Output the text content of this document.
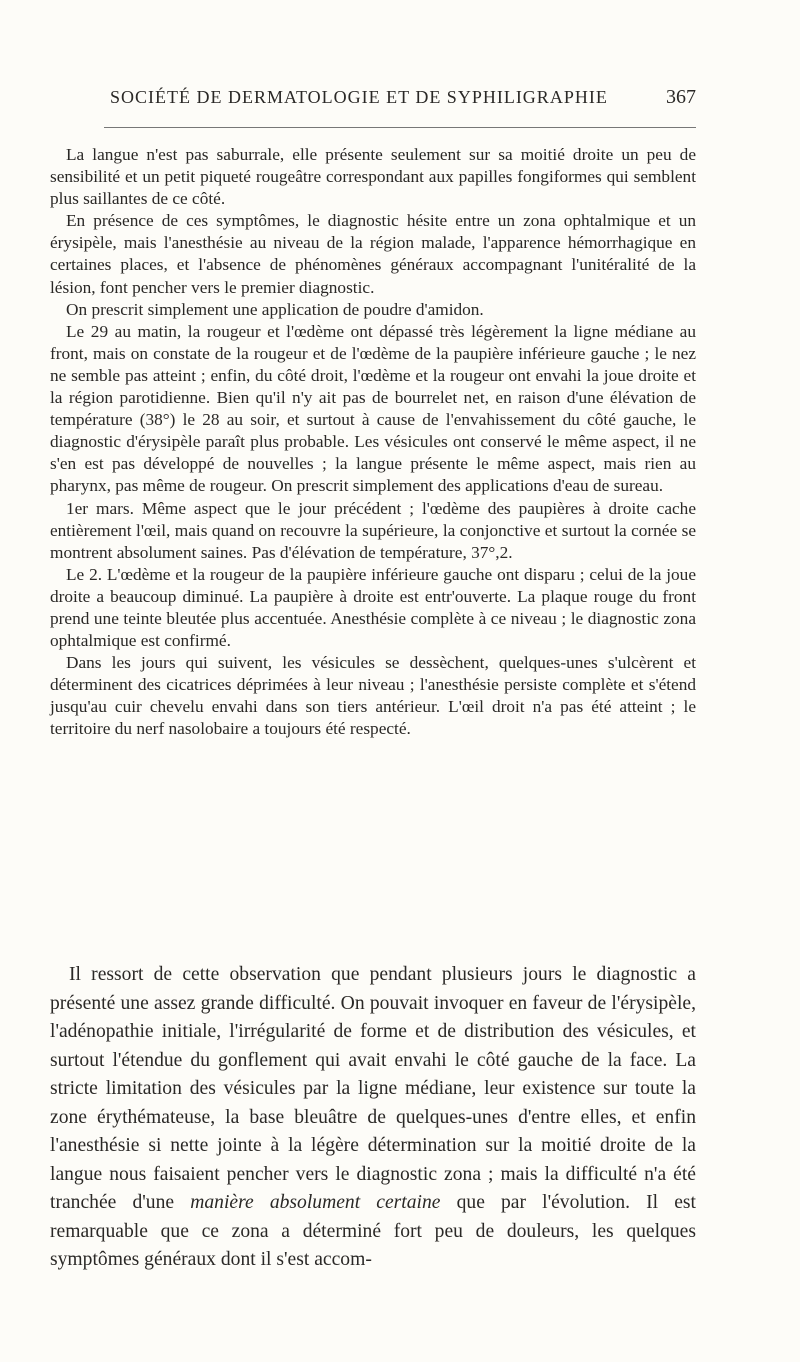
SOCIÉTÉ DE DERMATOLOGIE ET DE SYPHILIGRAPHIE	367

La langue n'est pas saburrale, elle présente seulement sur sa moitié droite un peu de sensibilité et un petit piqueté rougeâtre correspondant aux papilles fongiformes qui semblent plus saillantes de ce côté.

En présence de ces symptômes, le diagnostic hésite entre un zona ophtalmique et un érysipèle, mais l'anesthésie au niveau de la région malade, l'apparence hémorrhagique en certaines places, et l'absence de phénomènes généraux accompagnant l'unitéralité de la lésion, font pencher vers le premier diagnostic.

On prescrit simplement une application de poudre d'amidon.

Le 29 au matin, la rougeur et l'œdème ont dépassé très légèrement la ligne médiane au front, mais on constate de la rougeur et de l'œdème de la paupière inférieure gauche ; le nez ne semble pas atteint ; enfin, du côté droit, l'œdème et la rougeur ont envahi la joue droite et la région parotidienne. Bien qu'il n'y ait pas de bourrelet net, en raison d'une élévation de température (38°) le 28 au soir, et surtout à cause de l'envahissement du côté gauche, le diagnostic d'érysipèle paraît plus probable. Les vésicules ont conservé le même aspect, il ne s'en est pas développé de nouvelles ; la langue présente le même aspect, mais rien au pharynx, pas même de rougeur. On prescrit simplement des applications d'eau de sureau.

1er mars. Même aspect que le jour précédent ; l'œdème des paupières à droite cache entièrement l'œil, mais quand on recouvre la supérieure, la conjonctive et surtout la cornée se montrent absolument saines. Pas d'élévation de température, 37°,2.

Le 2. L'œdème et la rougeur de la paupière inférieure gauche ont disparu ; celui de la joue droite a beaucoup diminué. La paupière à droite est entr'ouverte. La plaque rouge du front prend une teinte bleutée plus accentuée. Anesthésie complète à ce niveau ; le diagnostic zona ophtalmique est confirmé.

Dans les jours qui suivent, les vésicules se dessèchent, quelques-unes s'ulcèrent et déterminent des cicatrices déprimées à leur niveau ; l'anesthésie persiste complète et s'étend jusqu'au cuir chevelu envahi dans son tiers antérieur. L'œil droit n'a pas été atteint ; le territoire du nerf nasolobaire a toujours été respecté.

Il ressort de cette observation que pendant plusieurs jours le diagnostic a présenté une assez grande difficulté. On pouvait invoquer en faveur de l'érysipèle, l'adénopathie initiale, l'irrégularité de forme et de distribution des vésicules, et surtout l'étendue du gonflement qui avait envahi le côté gauche de la face. La stricte limitation des vésicules par la ligne médiane, leur existence sur toute la zone érythémateuse, la base bleuâtre de quelques-unes d'entre elles, et enfin l'anesthésie si nette jointe à la légère détermination sur la moitié droite de la langue nous faisaient pencher vers le diagnostic zona ; mais la difficulté n'a été tranchée d'une manière absolument certaine que par l'évolution. Il est remarquable que ce zona a déterminé fort peu de douleurs, les quelques symptômes généraux dont il s'est accom-
